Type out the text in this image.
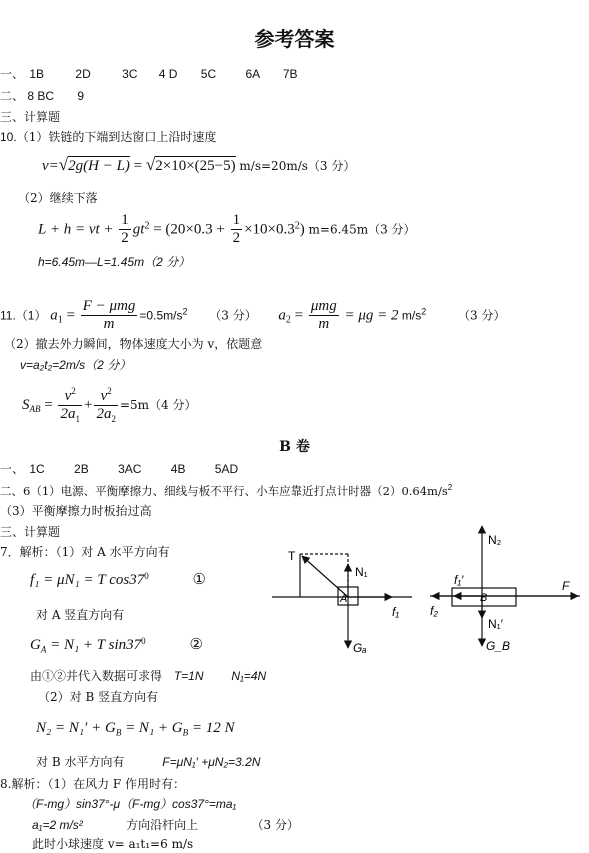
参考答案
一、 1B	2D	3C 4 D 5C 6A 7B
二、 8 BC 9
三、计算题
10.（1）铁链的下端到达窗口上沿时速度
v=√2g(H − L) = √2×10×(25−5) m/s=20m/s（3 分）
（2）继续下落
L + h = vt + $\frac{1}{2} gt^2 = (20\times 0.3 + \frac{1}{2} \times 10\times 0.3^2)$ m=6.45m（3 分）
h=6.45m—L=1.45m（2 分）
11.（1） $a_1 = \frac{\text{F − μmg}}{m} =0.5m/s^2$ （3 分） $a_2 = \frac{\text{μmg}}{m} = \mu g = 2$ $m/s^2$	（3 分）
（2）撤去外力瞬间，物体速度大小为 v，依题意
v=a₂t₂=2m/s（2 分）
$S_{AB} = \frac{v^2}{2a_1} + \frac{v^2}{2a_2} =5m(4$ 分）
B 卷
一、 1C 2B 3AC 4B 5AD
二、6（1）电源、平衡摩擦力、细线与板不平行、小车应靠近打点计时器$(2)0.64m/s^2$
（3）平衡摩擦力时板抬过高
三、计算题
7．解析：（1）对 A 水平方向有
f₁ = μN₁ = T $\cos 37^0$	①
对 A 竖直方向有
$G_A = N_1 + T$ $\sin 37^0$	②
由①②并代入数据可求得 T=1N N₁=4N
（2）对 B 竖直方向有
$N_2 = N_1' + G_B = N_1 + G_B = 12$ N
对 B 水平方向有	F=μN₁′ +μN₂=3.2N
8.解析：（1）在风力 F 作用时有：
（F-mg）sin37°-μ（F-mg）cos37°=ma₁
a₁=2 m/s²	方向沿杆向上	（3 分）
此时小球速度 v= a₁t₁=6 m/s
T
N₁
f₁
A
Gₐ
N₂
f₁′	F
f₂
B
N₁′
G_B
